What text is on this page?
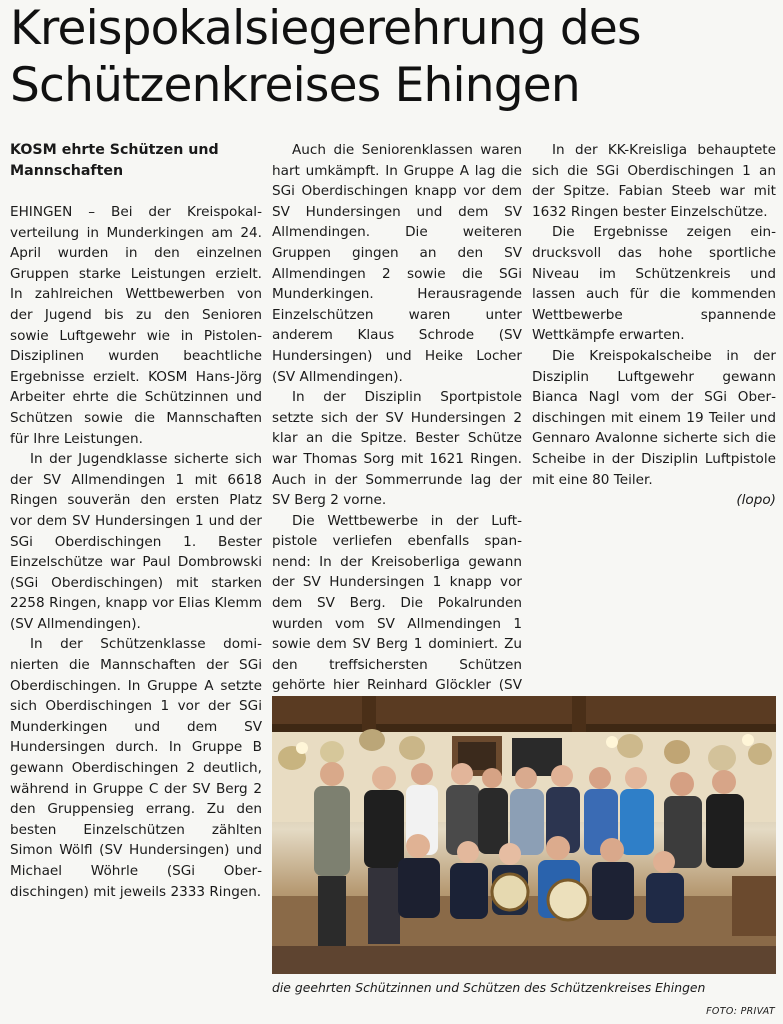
Kreispokalsiegerehrung des
Schützenkreises Ehingen

KOSM ehrte Schützen und Mannschaften

EHINGEN – Bei der Kreispokalverteilung in Munderkingen am 24. April wurden in den einzelnen Gruppen starke Leistungen erzielt. In zahlreichen Wettbewerben von der Jugend bis zu den Senioren sowie Luftgewehr wie in Pistolen-Disziplinen wurden beachtliche Ergebnisse erzielt. KOSM Hans-Jörg Arbeiter ehrte die Schützinnen und Schützen sowie die Mannschaften für Ihre Leistungen.

In der Jugendklasse sicherte sich der SV Allmendingen 1 mit 6618 Ringen souverän den ersten Platz vor dem SV Hundersingen 1 und der SGi Oberdischingen 1. Bester Einzelschütze war Paul Dombrowski (SGi Oberdischingen) mit starken 2258 Ringen, knapp vor Elias Klemm (SV Allmendingen).

In der Schützenklasse dominierten die Mannschaften der SGi Oberdischingen. In Gruppe A setzte sich Oberdischingen 1 vor der SGi Munderkingen und dem SV Hundersingen durch. In Gruppe B gewann Oberdischingen 2 deutlich, während in Gruppe C der SV Berg 2 den Gruppensieg errang. Zu den besten Einzelschützen zählten Simon Wölfl (SV Hundersingen) und Michael Wöhrle (SGi Oberdischingen) mit jeweils 2333 Ringen.

Auch die Seniorenklassen waren hart umkämpft. In Gruppe A lag die SGi Oberdischingen knapp vor dem SV Hundersingen und dem SV Allmendingen. Die weiteren Gruppen gingen an den SV Allmendingen 2 sowie die SGi Munderkingen. Herausragende Einzelschützen waren unter anderem Klaus Schrode (SV Hundersingen) und Heike Locher (SV Allmendingen).

In der Disziplin Sportpistole setzte sich der SV Hundersingen 2 klar an die Spitze. Bester Schütze war Thomas Sorg mit 1621 Ringen. Auch in der Sommerrunde lag der SV Berg 2 vorne.

Die Wettbewerbe in der Luftpistole verliefen ebenfalls spannend: In der Kreisoberliga gewann der SV Hundersingen 1 knapp vor dem SV Berg. Die Pokalrunden wurden vom SV Allmendingen 1 sowie dem SV Berg 1 dominiert. Zu den treffsichersten Schützen gehörte hier Reinhard Glöckler (SV

In der KK-Kreisliga behauptete sich die SGi Oberdischingen 1 an der Spitze. Fabian Steeb war mit 1632 Ringen bester Einzelschütze.

Die Ergebnisse zeigen eindrucksvoll das hohe sportliche Niveau im Schützenkreis und lassen auch für die kommenden Wettbewerbe spannende Wettkämpfe erwarten.

Die Kreispokalscheibe in der Disziplin Luftgewehr gewann Bianca Nagl vom der SGi Oberdischingen mit einem 19 Teiler und Gennaro Avalonne sicherte sich die Scheibe in der Disziplin Luftpistole mit eine 80 Teiler.

(lopo)

die geehrten Schützinnen und Schützen des Schützenkreises Ehingen
FOTO: PRIVAT
